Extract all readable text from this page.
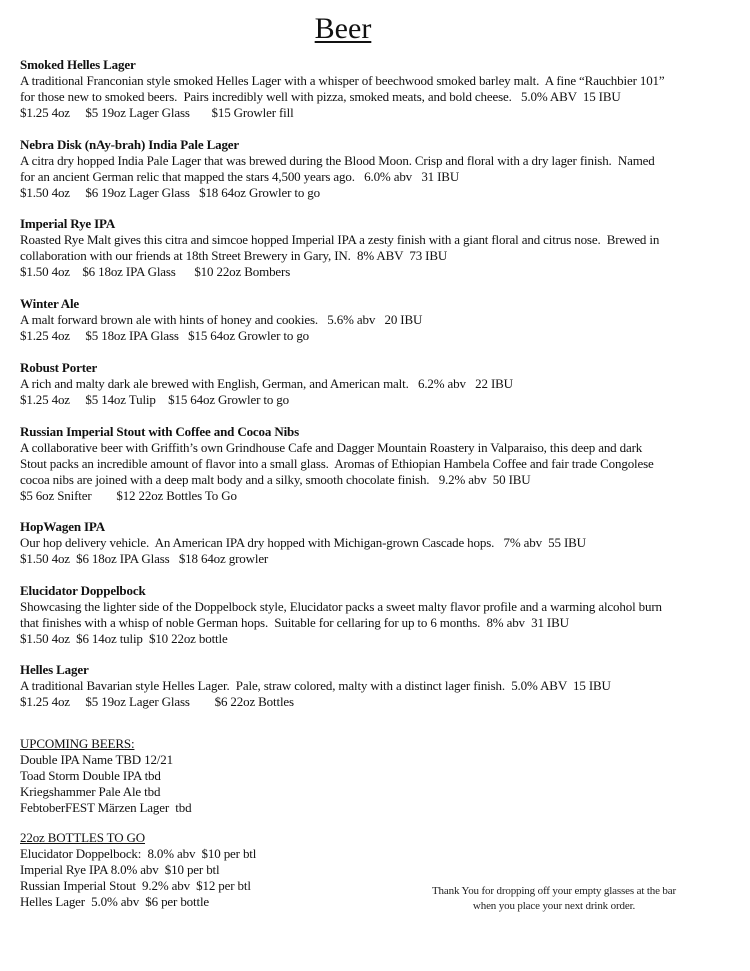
Beer
Smoked Helles Lager
A traditional Franconian style smoked Helles Lager with a whisper of beechwood smoked barley malt.  A fine “Rauchbier 101”
for those new to smoked beers.  Pairs incredibly well with pizza, smoked meats, and bold cheese.   5.0% ABV  15 IBU
$1.25 4oz     $5 19oz Lager Glass       $15 Growler fill
Nebra Disk (nAy-brah) India Pale Lager
A citra dry hopped India Pale Lager that was brewed during the Blood Moon. Crisp and floral with a dry lager finish.  Named
for an ancient German relic that mapped the stars 4,500 years ago.   6.0% abv   31 IBU
$1.50 4oz     $6 19oz Lager Glass   $18 64oz Growler to go
Imperial Rye IPA
Roasted Rye Malt gives this citra and simcoe hopped Imperial IPA a zesty finish with a giant floral and citrus nose.  Brewed in
collaboration with our friends at 18th Street Brewery in Gary, IN.  8% ABV  73 IBU
$1.50 4oz    $6 18oz IPA Glass      $10 22oz Bombers
Winter Ale
A malt forward brown ale with hints of honey and cookies.   5.6% abv   20 IBU
$1.25 4oz     $5 18oz IPA Glass   $15 64oz Growler to go
Robust Porter
A rich and malty dark ale brewed with English, German, and American malt.   6.2% abv   22 IBU
$1.25 4oz     $5 14oz Tulip    $15 64oz Growler to go
Russian Imperial Stout with Coffee and Cocoa Nibs
A collaborative beer with Griffith’s own Grindhouse Cafe and Dagger Mountain Roastery in Valparaiso, this deep and dark
Stout packs an incredible amount of flavor into a small glass.  Aromas of Ethiopian Hambela Coffee and fair trade Congolese
cocoa nibs are joined with a deep malt body and a silky, smooth chocolate finish.   9.2% abv  50 IBU
$5 6oz Snifter        $12 22oz Bottles To Go
HopWagen IPA
Our hop delivery vehicle.  An American IPA dry hopped with Michigan-grown Cascade hops.   7% abv  55 IBU
$1.50 4oz  $6 18oz IPA Glass   $18 64oz growler
Elucidator Doppelbock
Showcasing the lighter side of the Doppelbock style, Elucidator packs a sweet malty flavor profile and a warming alcohol burn
that finishes with a whisp of noble German hops.  Suitable for cellaring for up to 6 months.  8% abv  31 IBU
$1.50 4oz  $6 14oz tulip  $10 22oz bottle
Helles Lager
A traditional Bavarian style Helles Lager.  Pale, straw colored, malty with a distinct lager finish.  5.0% ABV  15 IBU
$1.25 4oz     $5 19oz Lager Glass        $6 22oz Bottles
UPCOMING BEERS:
Double IPA Name TBD 12/21
Toad Storm Double IPA tbd
Kriegshammer Pale Ale tbd
FebtoberFEST Märzen Lager  tbd
22oz BOTTLES TO GO
Elucidator Doppelbock:  8.0% abv  $10 per btl
Imperial Rye IPA 8.0% abv  $10 per btl
Russian Imperial Stout  9.2% abv  $12 per btl
Helles Lager  5.0% abv  $6 per bottle
Thank You for dropping off your empty glasses at the bar
when you place your next drink order.
